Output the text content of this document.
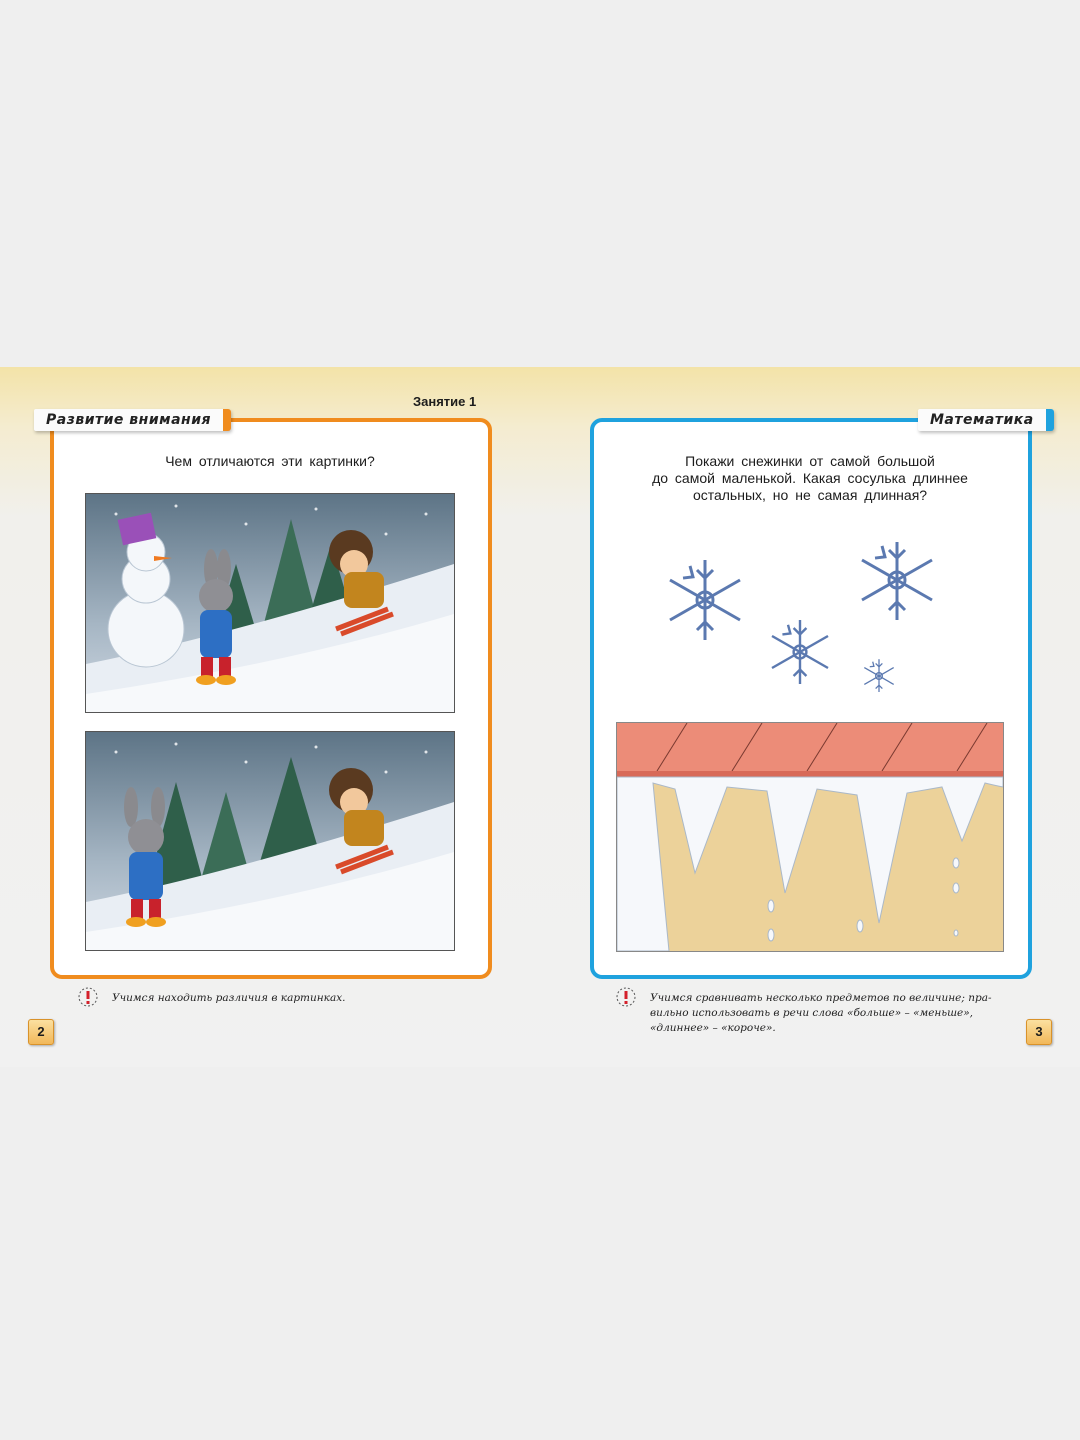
Занятие 1
Развитие внимания
Чем отличаются эти картинки?
Учимся находить различия в картинках.
2
Математика
Покажи снежинки от самой большой
до самой маленькой. Какая сосулька длиннее
остальных, но не самая длинная?
Учимся сравнивать несколько предметов по величине; пра-
вильно использовать в речи слова «больше» – «меньше»,
«длиннее» – «короче».	3
